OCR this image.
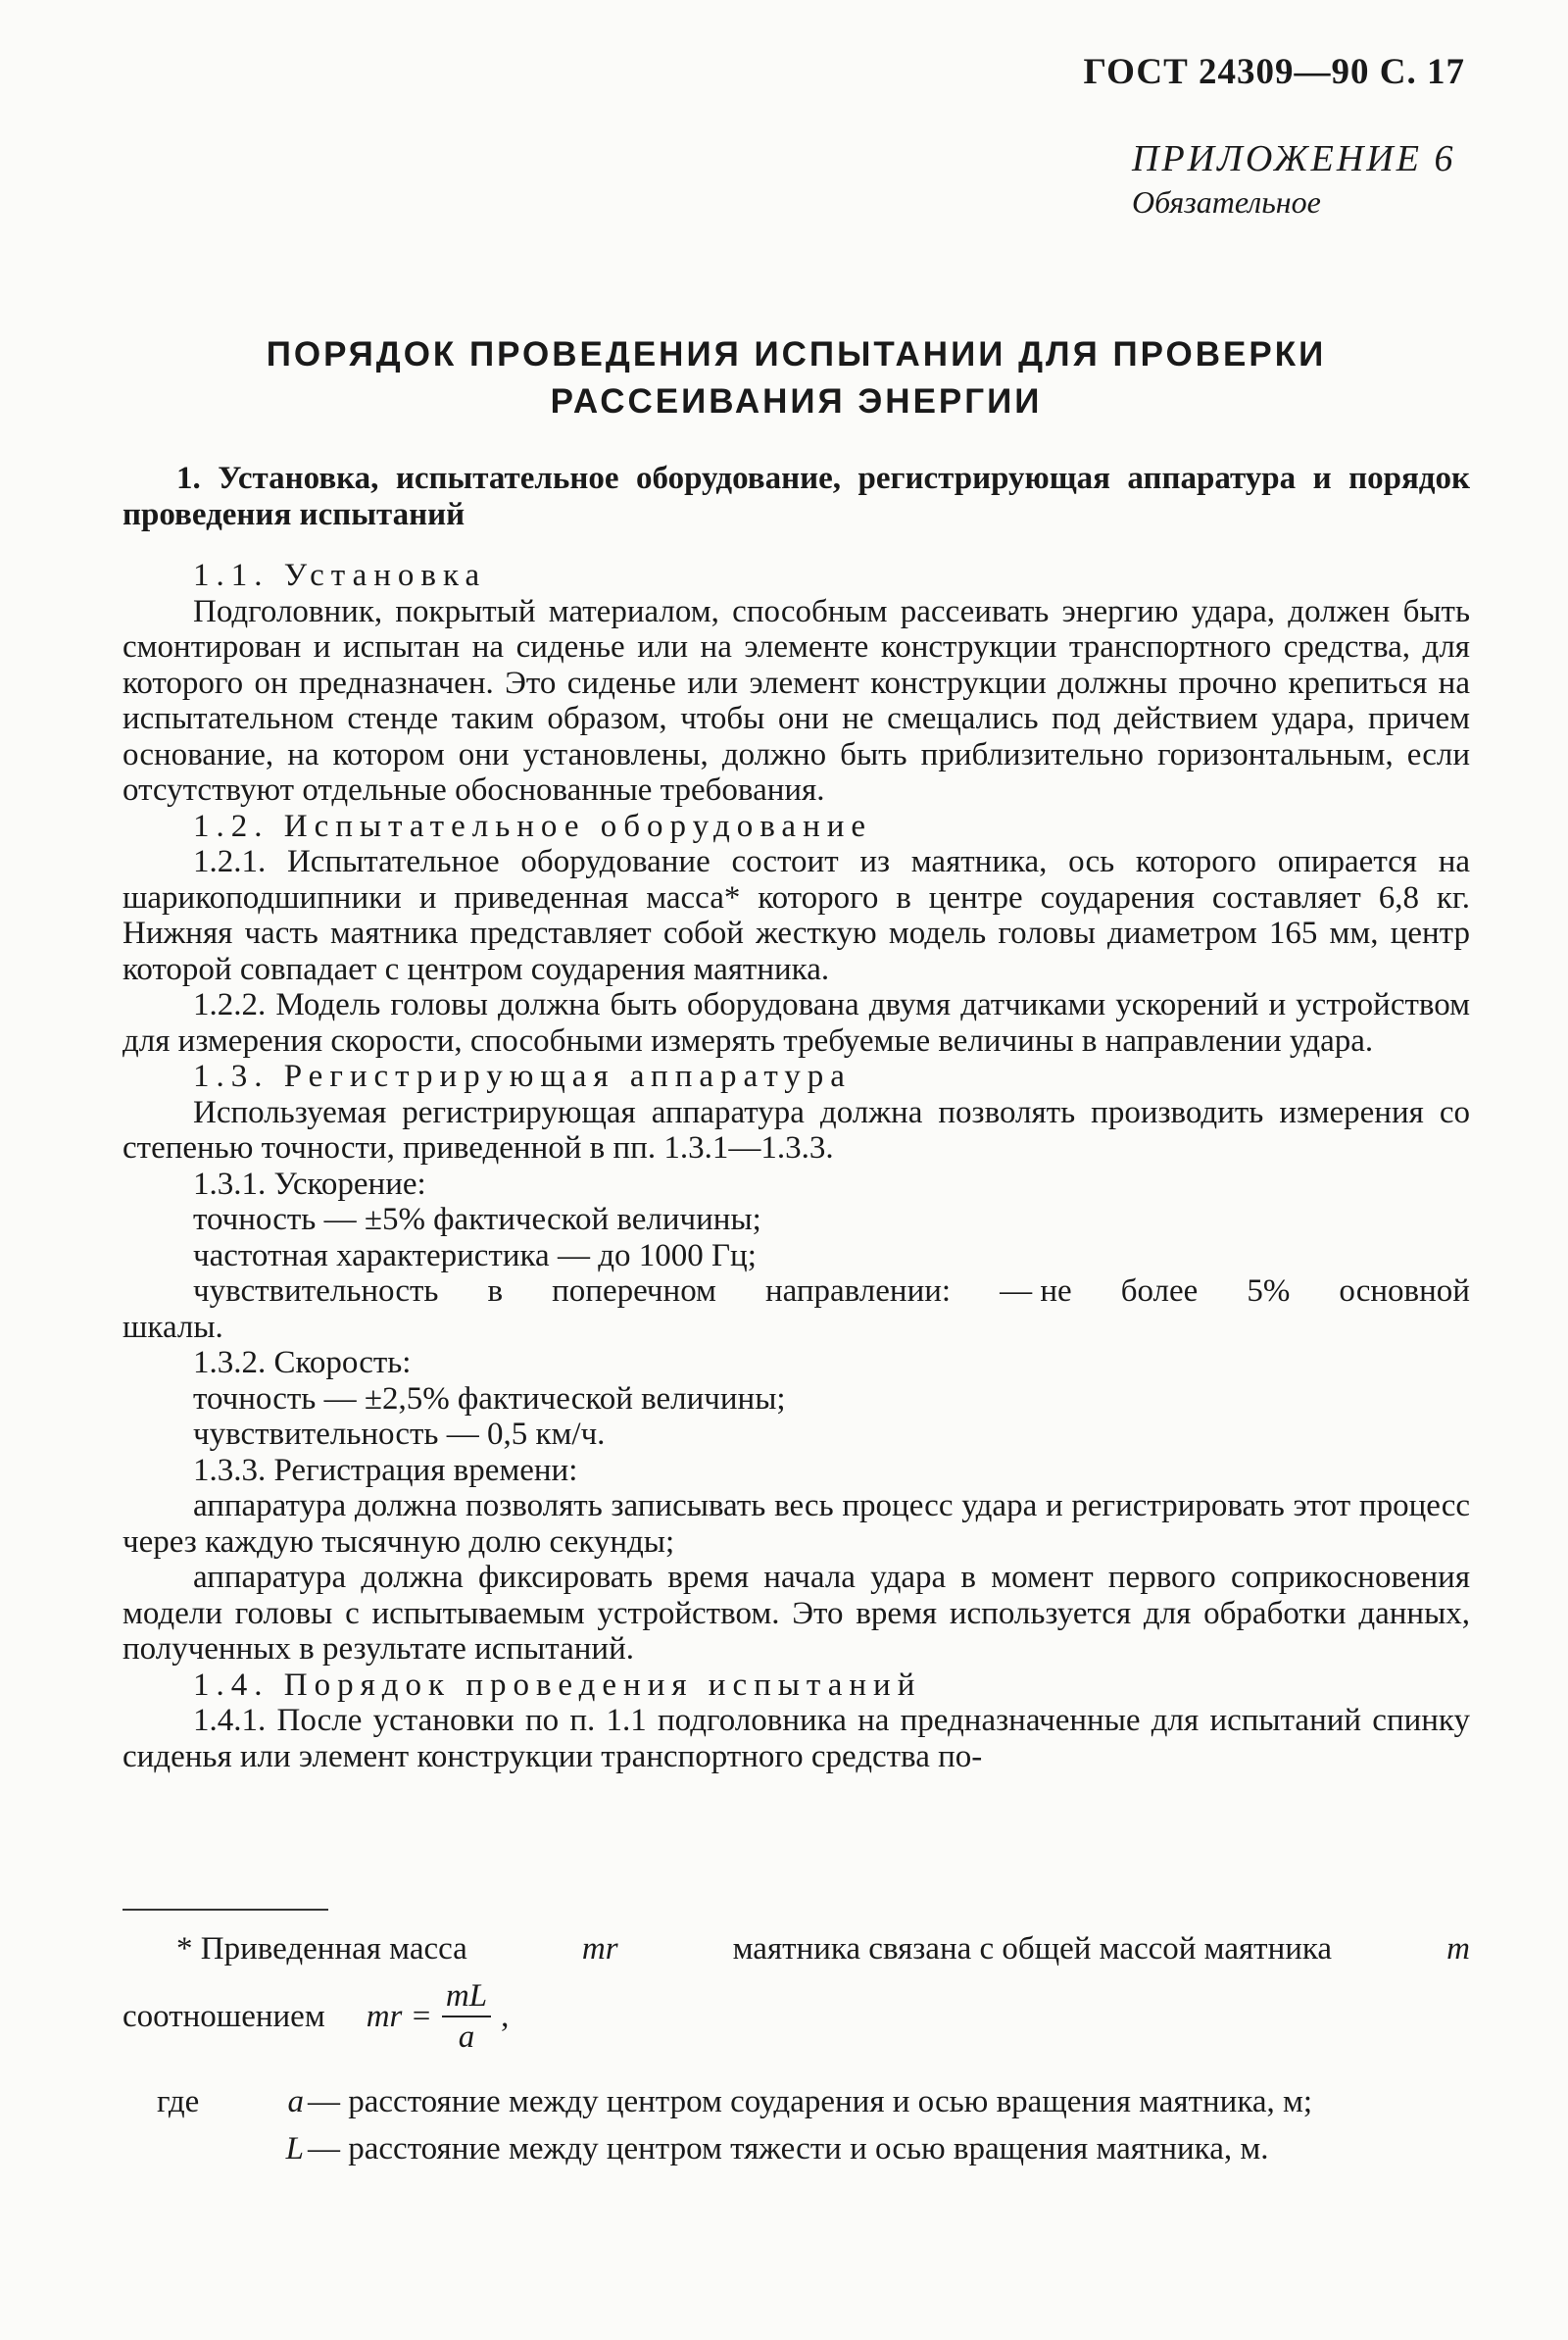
ГОСТ 24309—90 С. 17
ПРИЛОЖЕНИЕ 6
Обязательное
ПОРЯДОК ПРОВЕДЕНИЯ ИСПЫТАНИИ ДЛЯ ПРОВЕРКИ
РАССЕИВАНИЯ ЭНЕРГИИ

1. Установка, испытательное оборудование, регистрирующая аппаратура и порядок проведения испытаний

1.1. Установка

Подголовник, покрытый материалом, способным рассеивать энергию удара, должен быть смонтирован и испытан на сиденье или на элементе конструкции транспортного средства, для которого он предназначен. Это сиденье или элемент конструкции должны прочно крепиться на испытательном стенде таким образом, чтобы они не смещались под действием удара, причем основание, на котором они установлены, должно быть приблизительно горизонтальным, если отсутствуют отдельные обоснованные требования.

1.2. Испытательное оборудование

1.2.1. Испытательное оборудование состоит из маятника, ось которого опирается на шарикоподшипники и приведенная масса* которого в центре соударения составляет 6,8 кг. Нижняя часть маятника представляет собой жесткую модель головы диаметром 165 мм, центр которой совпадает с центром соударения маятника.

1.2.2. Модель головы должна быть оборудована двумя датчиками ускорений и устройством для измерения скорости, способными измерять требуемые величины в направлении удара.

1.3. Регистрирующая аппаратура

Используемая регистрирующая аппаратура должна позволять производить измерения со степенью точности, приведенной в пп. 1.3.1—1.3.3.

1.3.1. Ускорение:

точность — ±5% фактической величины;

частотная характеристика — до 1000 Гц;

чувствительность в поперечном направлении: — не более 5% основной

шкалы.

1.3.2. Скорость:

точность — ±2,5% фактической величины;

чувствительность — 0,5 км/ч.

1.3.3. Регистрация времени:

аппаратура должна позволять записывать весь процесс удара и регистрировать этот процесс через каждую тысячную долю секунды;

аппаратура должна фиксировать время начала удара в момент первого соприкосновения модели головы с испытываемым устройством. Это время используется для обработки данных, полученных в результате испытаний.

1.4. Порядок проведения испытаний

1.4.1. После установки по п. 1.1 подголовника на предназначенные для испытаний спинку сиденья или элемент конструкции транспортного средства по-

* Приведенная масса	mr	маятника связана с общей массой маятника	m
соотношением mr = $\frac{mL}{a}$ ,
где	a — расстояние между центром соударения и осью вращения маятника, м;
L — расстояние между центром тяжести и осью вращения маятника, м.
